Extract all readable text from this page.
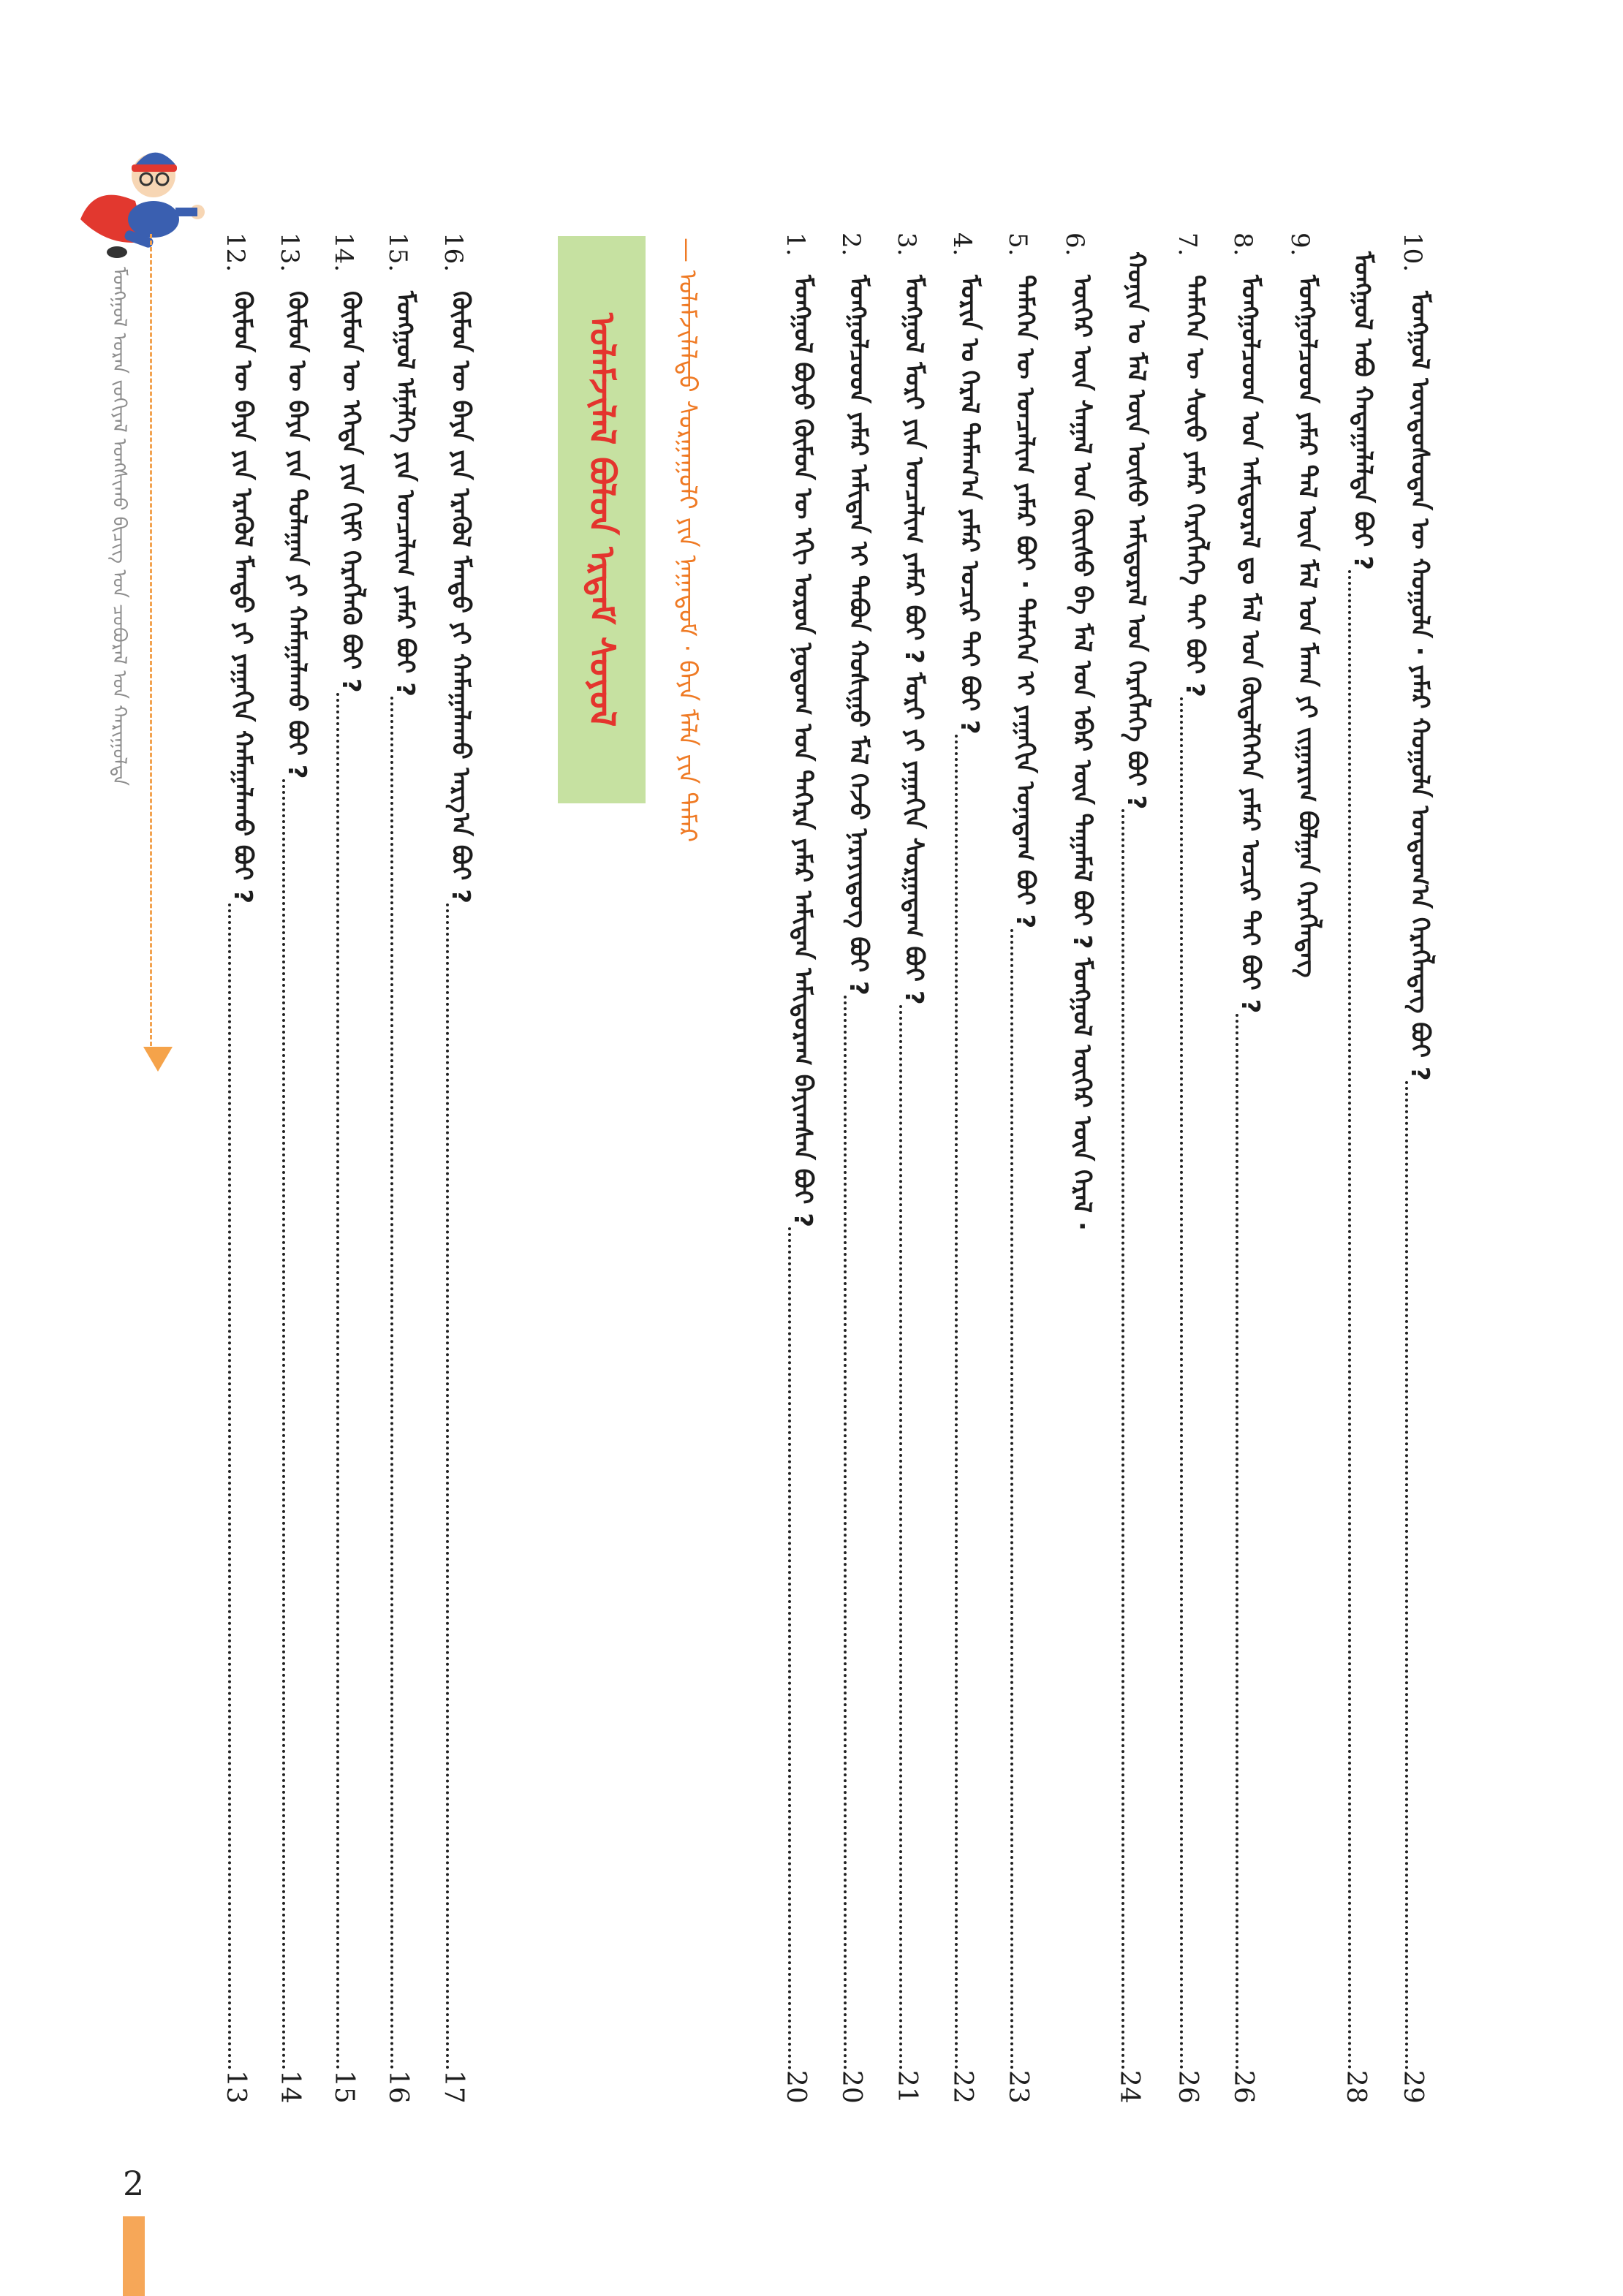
ᠮᠣᠩᠭᠣᠯ ᠤᠷᠠᠨ ᠵᠣᠬᠢᠶᠠᠯ ᠤᠩᠰᠢᠬᠤ ᠪᠢᠴᠢᠭ ᠤᠨ ᠴᠤᠪᠤᠷᠠᠯ ᠤᠨ ᠬᠠᠷᠢᠭᠤᠯᠲᠠ
12.
ᠬᠦᠮᠦᠨ ᠦ ᠪᠡᠶᠡ ᠶᠢᠨ ᠡᠷᠡᠭᠦᠯ ᠮᠡᠨᠳᠦ ᠶᠢ ᠶᠠᠭᠠᠬᠢᠨ ᠬᠠᠮᠠᠭᠠᠯᠠᠬᠤ ᠪᠤᠢ ?
13
13.
ᠬᠦᠮᠦᠨ ᠦ ᠪᠡᠶᠡ ᠶᠢᠨ ᠳᠤᠯᠠᠭᠠᠨ ᠶᠢ ᠬᠠᠮᠠᠭᠠᠯᠠᠬᠤ ᠪᠤᠢ ?
14
14.
ᠬᠦᠮᠦᠨ ᠦ ᠡᠭᠡᠳᠡ ᠶᠢᠨ ᠬᠢᠮᠢ ᠬᠡᠷᠡᠭᠯᠡᠬᠦ ᠪᠤᠢ ?
15
15.
ᠮᠣᠩᠭᠣᠯ ᠡᠮᠨᠡᠯᠭᠡ ᠶᠢᠨ ᠣᠨᠴᠠᠯᠢᠭ ᠶᠠᠮᠠᠷ ᠪᠤᠢ ?
16
16.
ᠬᠦᠮᠦᠨ ᠦ ᠪᠡᠶᠡ ᠶᠢᠨ ᠡᠷᠡᠭᠦᠯ ᠮᠡᠨᠳᠦ ᠶᠢ ᠬᠠᠮᠠᠭᠠᠯᠠᠬᠤ ᠠᠷᠭ᠎ᠠ ᠪᠤᠢ ?
17
ᠤᠯᠠᠮᠵᠢᠯᠠᠯ ᠪᠣᠯᠤᠨ ᠡᠷᠳᠡᠮ ᠰᠣᠶᠣᠯ	— ᠤᠯᠠᠮᠵᠢᠯᠠᠯᠲᠤ ᠰᠤᠷᠭᠠᠭᠤᠯᠢ ᠶᠢᠨ ᠨᠠᠭᠠᠳᠤᠮ · ᠪᠡᠶᠡ ᠮᠠᠯᠠ ᠶᠢᠨ ᠲᠠᠮᠠᠷ	1.
ᠮᠣᠩᠭᠣᠯ ᠪᠤᠶᠤ ᠬᠦᠮᠦᠨ ᠦ ᠡᠬᠢ ᠣᠷᠣᠨ ᠨᠤᠲᠤᠭ ᠤᠨ ᠳᠡᠭᠡᠷᠡ ᠶᠠᠮᠠᠷ ᠠᠮᠢᠲᠠᠨ ᠠᠮᠢᠳᠤᠷᠠᠭ ᠪᠠᠶᠢᠭᠰᠠᠨ ᠪᠤᠢ ?
20
2.
ᠮᠣᠩᠭᠣᠯᠴᠤᠳ ᠶᠠᠮᠠᠷ ᠠᠮᠢᠲᠠᠨ ᠢ ᠲᠠᠪᠤᠨ ᠬᠣᠰᠢᠭᠤ ᠮᠠᠯ ᠭᠡᠵᠦ ᠨᠡᠷᠡᠶᠢᠳᠦᠭ ᠪᠤᠢ ?
20
3.
ᠮᠣᠩᠭᠣᠯ ᠮᠣᠷᠢ ᠶᠢᠨ ᠣᠨᠴᠠᠯᠢᠭ ᠶᠠᠮᠠᠷ ᠪᠤᠢ ? ᠮᠣᠷᠢ ᠶᠢ ᠶᠠᠭᠠᠬᠢᠨ ᠰᠤᠷᠭᠠᠳᠠᠭ ᠪᠤᠢ ?
21
4.
ᠮᠣᠷᠢᠨ ᠤ ᠭᠡᠷᠡᠯ ᠲᠠᠮᠠᠭ᠎ᠠ ᠶᠠᠮᠠᠷ ᠤᠴᠢᠷ ᠲᠠᠢ ᠪᠤᠢ ?
22
5.
ᠲᠡᠮᠡᠭᠡᠨ ᠦ ᠣᠨᠴᠠᠯᠢᠭ ᠶᠠᠮᠠᠷ ᠪᠤᠢ · ᠲᠡᠮᠡᠭᠡᠨ ᠢ ᠶᠠᠭᠠᠬᠢᠨ ᠤᠨᠠᠳᠠᠭ ᠪᠤᠢ ?
23
6.
ᠦᠬᠡᠷ ᠦᠨ ᠰᠠᠭᠠᠯ ᠤᠨ ᠬᠦᠢᠰᠦ ᠪᠠ ᠮᠠᠯ ᠤᠨ ᠡᠪᠡᠷ ᠦᠨ ᠲᠠᠭᠠᠮᠠᠯ ᠪᠤᠢ ? ᠮᠣᠩᠭᠣᠯ ᠦᠬᠡᠷ ᠦᠨ ᠭᠡᠷᠡᠯ · ᠬᠣᠨᠢᠨ ᠤ ᠮᠠᠯ ᠦᠨ ᠦᠰᠦ ᠠᠮᠢᠳᠤᠷᠠᠯ ᠤᠨ ᠬᠡᠷᠡᠭᠯᠡᠭᠡ ᠪᠤᠢ ?
24
7.
ᠲᠡᠮᠡᠭᠡᠨ ᠦ ᠰᠦᠦ ᠶᠠᠮᠠᠷ ᠬᠡᠷᠡᠭᠯᠡᠭᠡ ᠲᠠᠢ ᠪᠤᠢ ?
26
8.
ᠮᠣᠩᠭᠣᠯᠴᠤᠳ ᠤᠨ ᠠᠮᠢᠳᠤᠷᠠᠯ ᠳᠤ ᠮᠠᠯ ᠤᠨ ᠬᠦᠳᠡᠯᠭᠡᠭᠡᠨ ᠶᠠᠮᠠᠷ ᠤᠴᠢᠷ ᠲᠠᠢ ᠪᠤᠢ ?
26
9.
ᠮᠣᠩᠭᠣᠯᠴᠤᠳ ᠶᠠᠮᠠᠷ ᠲᠠᠯ ᠦᠨ ᠮᠠᠯ ᠤᠨ ᠮᠠᠬᠠ ᠶᠢ ᠵᠢᠭᠠᠷᠢᠭ ᠪᠣᠯᠭᠠᠨ ᠬᠡᠷᠡᠭᠯᠡᠳᠡᠭ ᠮᠣᠩᠭᠣᠯ ᠠᠪᠤ ᠬᠠᠳᠠᠭᠠᠯᠠᠯᠲᠠ ᠪᠤᠢ ?
28
10.
ᠮᠣᠩᠭᠣᠯ ᠦᠨᠳᠦᠰᠦᠲᠡᠨ ᠦ ᠬᠣᠭᠣᠯᠠ · ᠶᠠᠮᠠᠷ ᠬᠣᠭᠣᠯᠠ ᠤᠨᠳᠤᠭ᠎ᠠ ᠬᠡᠷᠡᠭᠯᠡᠳᠡᠭ ᠪᠤᠢ ?
29
2
